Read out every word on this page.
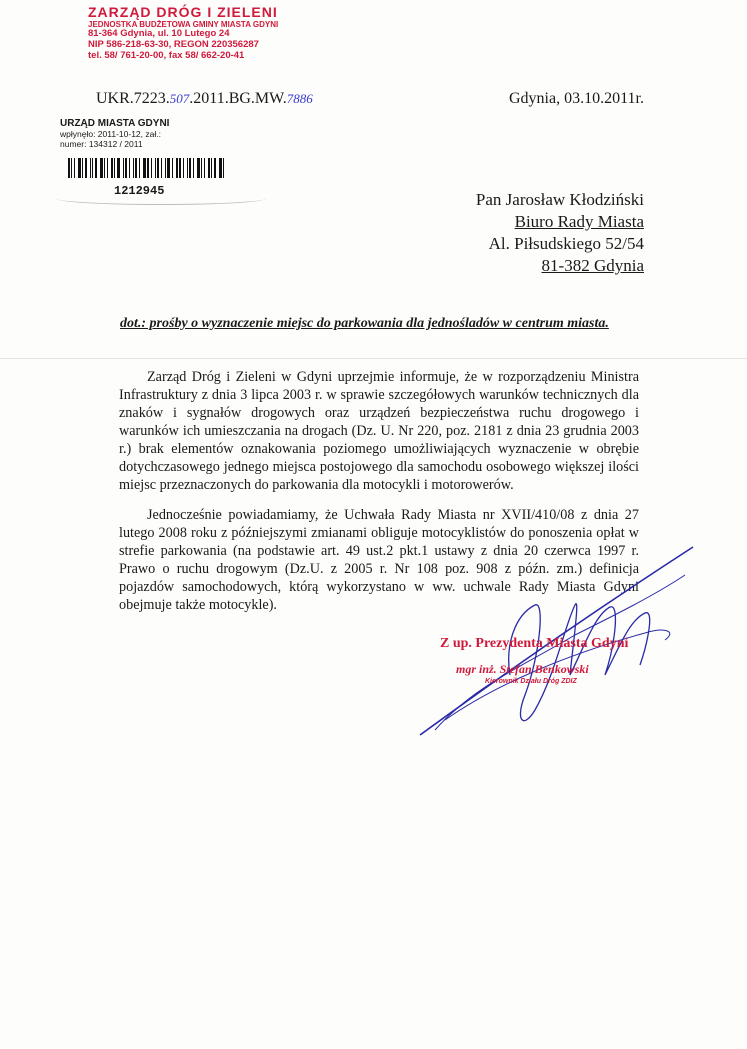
ZARZĄD DRÓG I ZIELENI
JEDNOSTKA BUDŻETOWA GMINY MIASTA GDYNI
81-364 Gdynia, ul. 10 Lutego 24
NIP 586-218-63-30, REGON 220356287
tel. 58/ 761-20-00, fax 58/ 662-20-41
UKR.7223.507.2011.BG.MW.7886	Gdynia, 03.10.2011r.
URZĄD MIASTA GDYNI
wpłynęło: 2011-10-12, zał.:
numer: 134312 / 2011
1212945	Pan Jarosław Kłodziński
Biuro Rady Miasta
Al. Piłsudskiego 52/54
81-382 Gdynia
dot.: prośby o wyznaczenie miejsc do parkowania dla jednośladów w centrum miasta.
Zarząd Dróg i Zieleni w Gdyni uprzejmie informuje, że w rozporządzeniu Ministra Infrastruktury z dnia 3 lipca 2003 r. w sprawie szczegółowych warunków technicznych dla znaków i sygnałów drogowych oraz urządzeń bezpieczeństwa ruchu drogowego i warunków ich umieszczania na drogach (Dz. U. Nr 220, poz. 2181 z dnia 23 grudnia 2003 r.) brak elementów oznakowania poziomego umożliwiających wyznaczenie w obrębie dotychczasowego jednego miejsca postojowego dla samochodu osobowego większej ilości miejsc przeznaczonych do parkowania dla motocykli i motorowerów.
Jednocześnie powiadamiamy, że Uchwała Rady Miasta nr XVII/410/08 z dnia 27 lutego 2008 roku z późniejszymi zmianami obliguje motocyklistów do ponoszenia opłat w strefie parkowania (na podstawie art. 49 ust.2 pkt.1 ustawy z dnia 20 czerwca 1997 r. Prawo o ruchu drogowym (Dz.U. z 2005 r. Nr 108 poz. 908 z późn. zm.) definicja pojazdów samochodowych, którą wykorzystano w ww. uchwale Rady Miasta Gdyni obejmuje także motocykle).
Z up. Prezydenta Miasta Gdyni
mgr inż. Stefan Benkowski
Kierownik Działu Dróg ZDIZ
